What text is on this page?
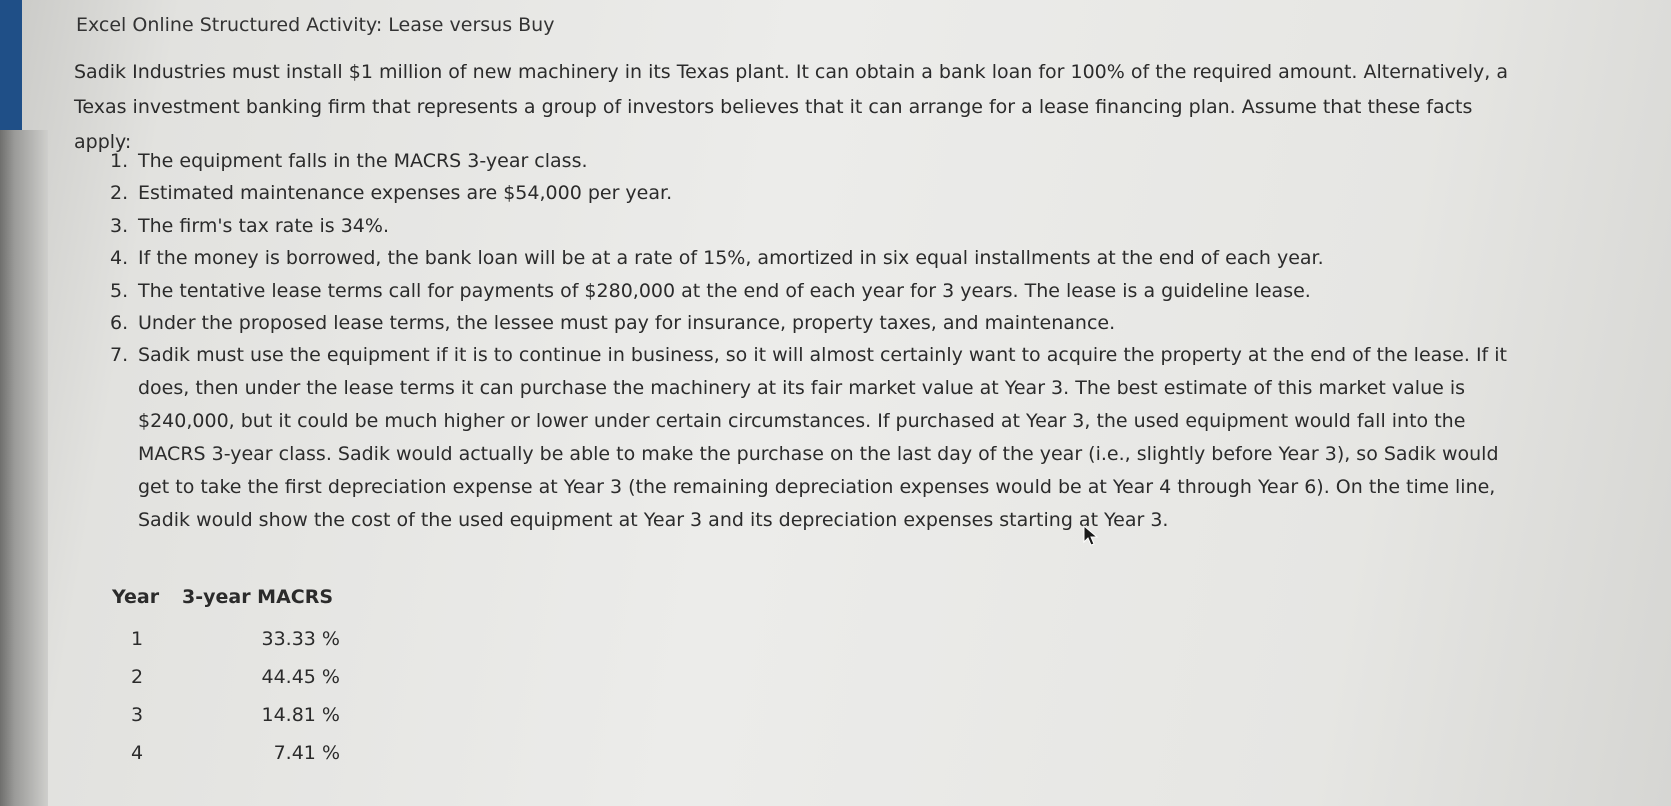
Excel Online Structured Activity: Lease versus Buy

Sadik Industries must install $1 million of new machinery in its Texas plant. It can obtain a bank loan for 100% of the required amount. Alternatively, a Texas investment banking firm that represents a group of investors believes that it can arrange for a lease financing plan. Assume that these facts apply:

1. The equipment falls in the MACRS 3-year class.
2. Estimated maintenance expenses are $54,000 per year.
3. The firm's tax rate is 34%.
4. If the money is borrowed, the bank loan will be at a rate of 15%, amortized in six equal installments at the end of each year.
5. The tentative lease terms call for payments of $280,000 at the end of each year for 3 years. The lease is a guideline lease.
6. Under the proposed lease terms, the lessee must pay for insurance, property taxes, and maintenance.
7. Sadik must use the equipment if it is to continue in business, so it will almost certainly want to acquire the property at the end of the lease. If it does, then under the lease terms it can purchase the machinery at its fair market value at Year 3. The best estimate of this market value is $240,000, but it could be much higher or lower under certain circumstances. If purchased at Year 3, the used equipment would fall into the MACRS 3-year class. Sadik would actually be able to make the purchase on the last day of the year (i.e., slightly before Year 3), so Sadik would get to take the first depreciation expense at Year 3 (the remaining depreciation expenses would be at Year 4 through Year 6). On the time line, Sadik would show the cost of the used equipment at Year 3 and its depreciation expenses starting at Year 3.
Year	3-year MACRS
1	33.33 %
2	44.45 %
3	14.81 %
4	7.41 %
